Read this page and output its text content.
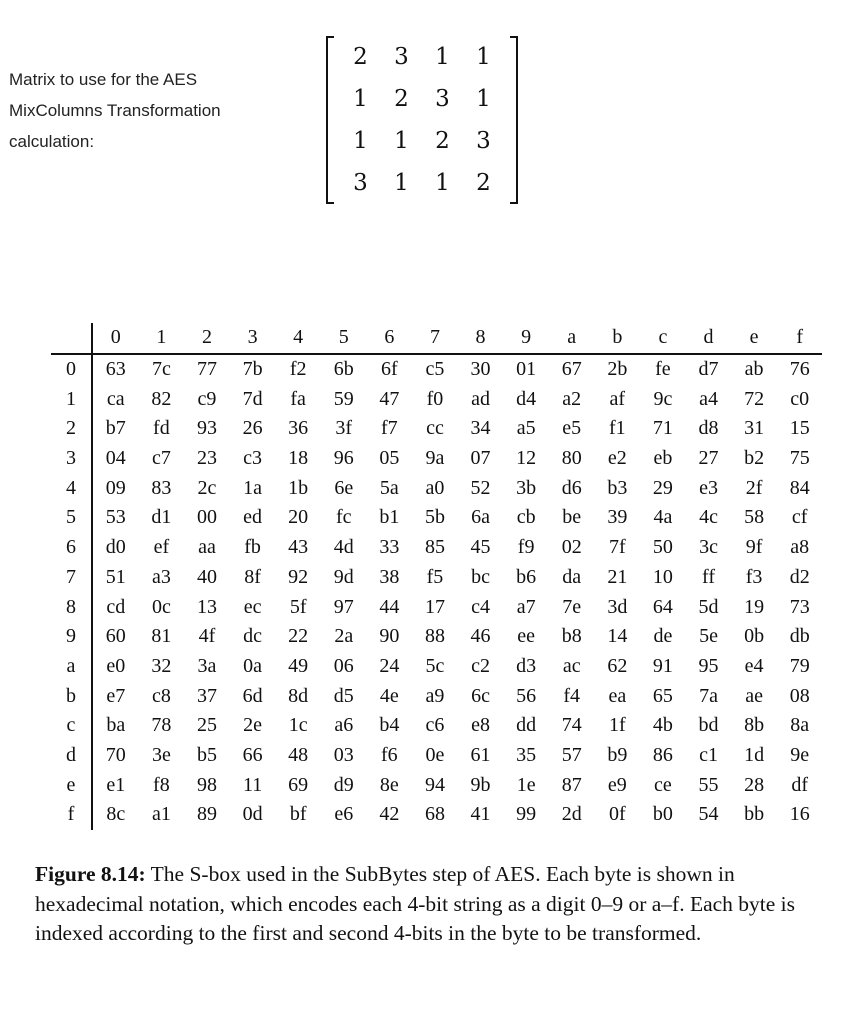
Matrix to use for the AES
MixColumns Transformation
calculation:
2	3	1	1
1	2	3	1
1	1	2	3
3	1	1	2
0	1	2	3	4	5	6	7	8	9	a	b	c	d	e	f
0	63	7c	77	7b	f2	6b	6f	c5	30	01	67	2b	fe	d7	ab	76
1	ca	82	c9	7d	fa	59	47	f0	ad	d4	a2	af	9c	a4	72	c0
2	b7	fd	93	26	36	3f	f7	cc	34	a5	e5	f1	71	d8	31	15
3	04	c7	23	c3	18	96	05	9a	07	12	80	e2	eb	27	b2	75
4	09	83	2c	1a	1b	6e	5a	a0	52	3b	d6	b3	29	e3	2f	84
5	53	d1	00	ed	20	fc	b1	5b	6a	cb	be	39	4a	4c	58	cf
6	d0	ef	aa	fb	43	4d	33	85	45	f9	02	7f	50	3c	9f	a8
7	51	a3	40	8f	92	9d	38	f5	bc	b6	da	21	10	ff	f3	d2
8	cd	0c	13	ec	5f	97	44	17	c4	a7	7e	3d	64	5d	19	73
9	60	81	4f	dc	22	2a	90	88	46	ee	b8	14	de	5e	0b	db
a	e0	32	3a	0a	49	06	24	5c	c2	d3	ac	62	91	95	e4	79
b	e7	c8	37	6d	8d	d5	4e	a9	6c	56	f4	ea	65	7a	ae	08
c	ba	78	25	2e	1c	a6	b4	c6	e8	dd	74	1f	4b	bd	8b	8a
d	70	3e	b5	66	48	03	f6	0e	61	35	57	b9	86	c1	1d	9e
e	e1	f8	98	11	69	d9	8e	94	9b	1e	87	e9	ce	55	28	df
f	8c	a1	89	0d	bf	e6	42	68	41	99	2d	0f	b0	54	bb	16
Figure 8.14: The S-box used in the SubBytes step of AES. Each byte is shown in hexadecimal notation, which encodes each 4-bit string as a digit 0–9 or a–f. Each byte is indexed according to the first and second 4-bits in the byte to be transformed.
